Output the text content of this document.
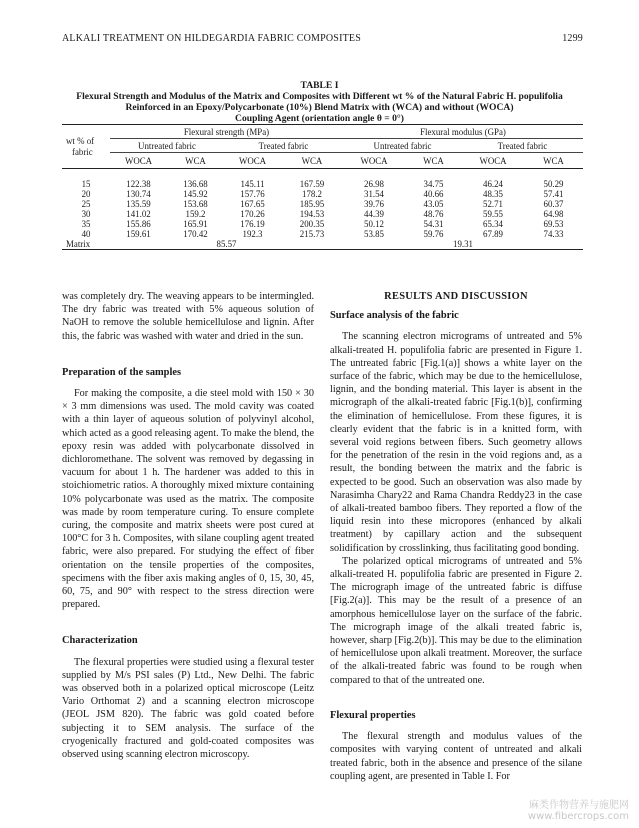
ALKALI TREATMENT ON HILDEGARDIA FABRIC COMPOSITES	1299
TABLE I
Flexural Strength and Modulus of the Matrix and Composites with Different wt % of the Natural Fabric H. populifolia
Reinforced in an Epoxy/Polycarbonate (10%) Blend Matrix with (WCA) and without (WOCA)
Coupling Agent (orientation angle θ = 0°)
wt % of
fabric	Flexural strength (MPa)				Flexural modulus (GPa)			
	Untreated fabric		Treated fabric		Untreated fabric		Treated fabric	
	WOCA	WCA	WOCA	WCA	WOCA	WCA	WOCA	WCA

15	122.38	136.68	145.11	167.59	26.98	34.75	46.24	50.29
20	130.74	145.92	157.76	178.2	31.54	40.66	48.35	57.41
25	135.59	153.68	167.65	185.95	39.76	43.05	52.71	60.37
30	141.02	159.2	170.26	194.53	44.39	48.76	59.55	64.98
35	155.86	165.91	176.19	200.35	50.12	54.31	65.34	69.53
40	159.61	170.42	192.3	215.73	53.85	59.76	67.89	74.33
Matrix	85.57				19.31			

was completely dry. The weaving appears to be intermingled. The dry fabric was treated with 5% aqueous solution of NaOH to remove the soluble hemicellulose and lignin. After this, the fabric was washed with water and dried in the sun.

Preparation of the samples

For making the composite, a die steel mold with 150 × 30 × 3 mm dimensions was used. The mold cavity was coated with a thin layer of aqueous solution of polyvinyl alcohol, which acted as a good releasing agent. To make the blend, the epoxy resin was added with polycarbonate dissolved in dichloromethane. The solvent was removed by degassing in vacuum for about 1 h. The hardener was added to this in stoichiometric ratios. A thoroughly mixed mixture containing 10% polycarbonate was used as the matrix. The composite was made by room temperature curing. To ensure complete curing, the composite and matrix sheets were post cured at 100°C for 3 h. Composites, with silane coupling agent treated fabric, were also prepared. For studying the effect of fiber orientation on the tensile properties of the composites, specimens with the fiber axis making angles of 0, 15, 30, 45, 60, 75, and 90° with respect to the stress direction were prepared.

Characterization

The flexural properties were studied using a flexural tester supplied by M/s PSI sales (P) Ltd., New Delhi. The fabric was observed both in a polarized optical microscope (Leitz Vario Orthomat 2) and a scanning electron microscope (JEOL JSM 820). The fabric was gold coated before subjecting it to SEM analysis. The surface of the cryogenically fractured and gold-coated composites was observed using scanning electron microscopy.

RESULTS AND DISCUSSION
Surface analysis of the fabric

The scanning electron micrograms of untreated and 5% alkali-treated H. populifolia fabric are presented in Figure 1. The untreated fabric [Fig.1(a)] shows a white layer on the surface of the fabric, which may be due to the hemicellulose, lignin, and the bonding material. This layer is absent in the micrograph of the alkali-treated fabric [Fig.1(b)], confirming the elimination of hemicellulose. From these figures, it is clearly evident that the fabric is in a knitted form, with several void regions between fibers. Such geometry allows for the penetration of the resin in the void regions and, as a result, the bonding between the matrix and the fabric is expected to be good. Such an observation was also made by Narasimha Chary22 and Rama Chandra Reddy23 in the case of alkali-treated bamboo fibers. They reported a flow of the liquid resin into these micropores (enhanced by alkali treatment) by capillary action and the subsequent solidification by crosslinking, thus facilitating good bonding.

The polarized optical micrograms of untreated and 5% alkali-treated H. populifolia fabric are presented in Figure 2. The micrograph image of the untreated fabric is diffuse [Fig.2(a)]. This may be the result of a presence of an amorphous hemicellulose layer on the surface of the fabric. The micrograph image of the alkali treated fabric is, however, sharp [Fig.2(b)]. This may be due to the elimination of hemicellulose upon alkali treatment. Moreover, the surface of the alkali-treated fabric was found to be rough when compared to that of the untreated one.

Flexural properties

The flexural strength and modulus values of the composites with varying content of untreated and alkali treated fabric, both in the absence and presence of the silane coupling agent, are presented in Table I. For

麻类作物营养与施肥网
www.fibercrops.com
